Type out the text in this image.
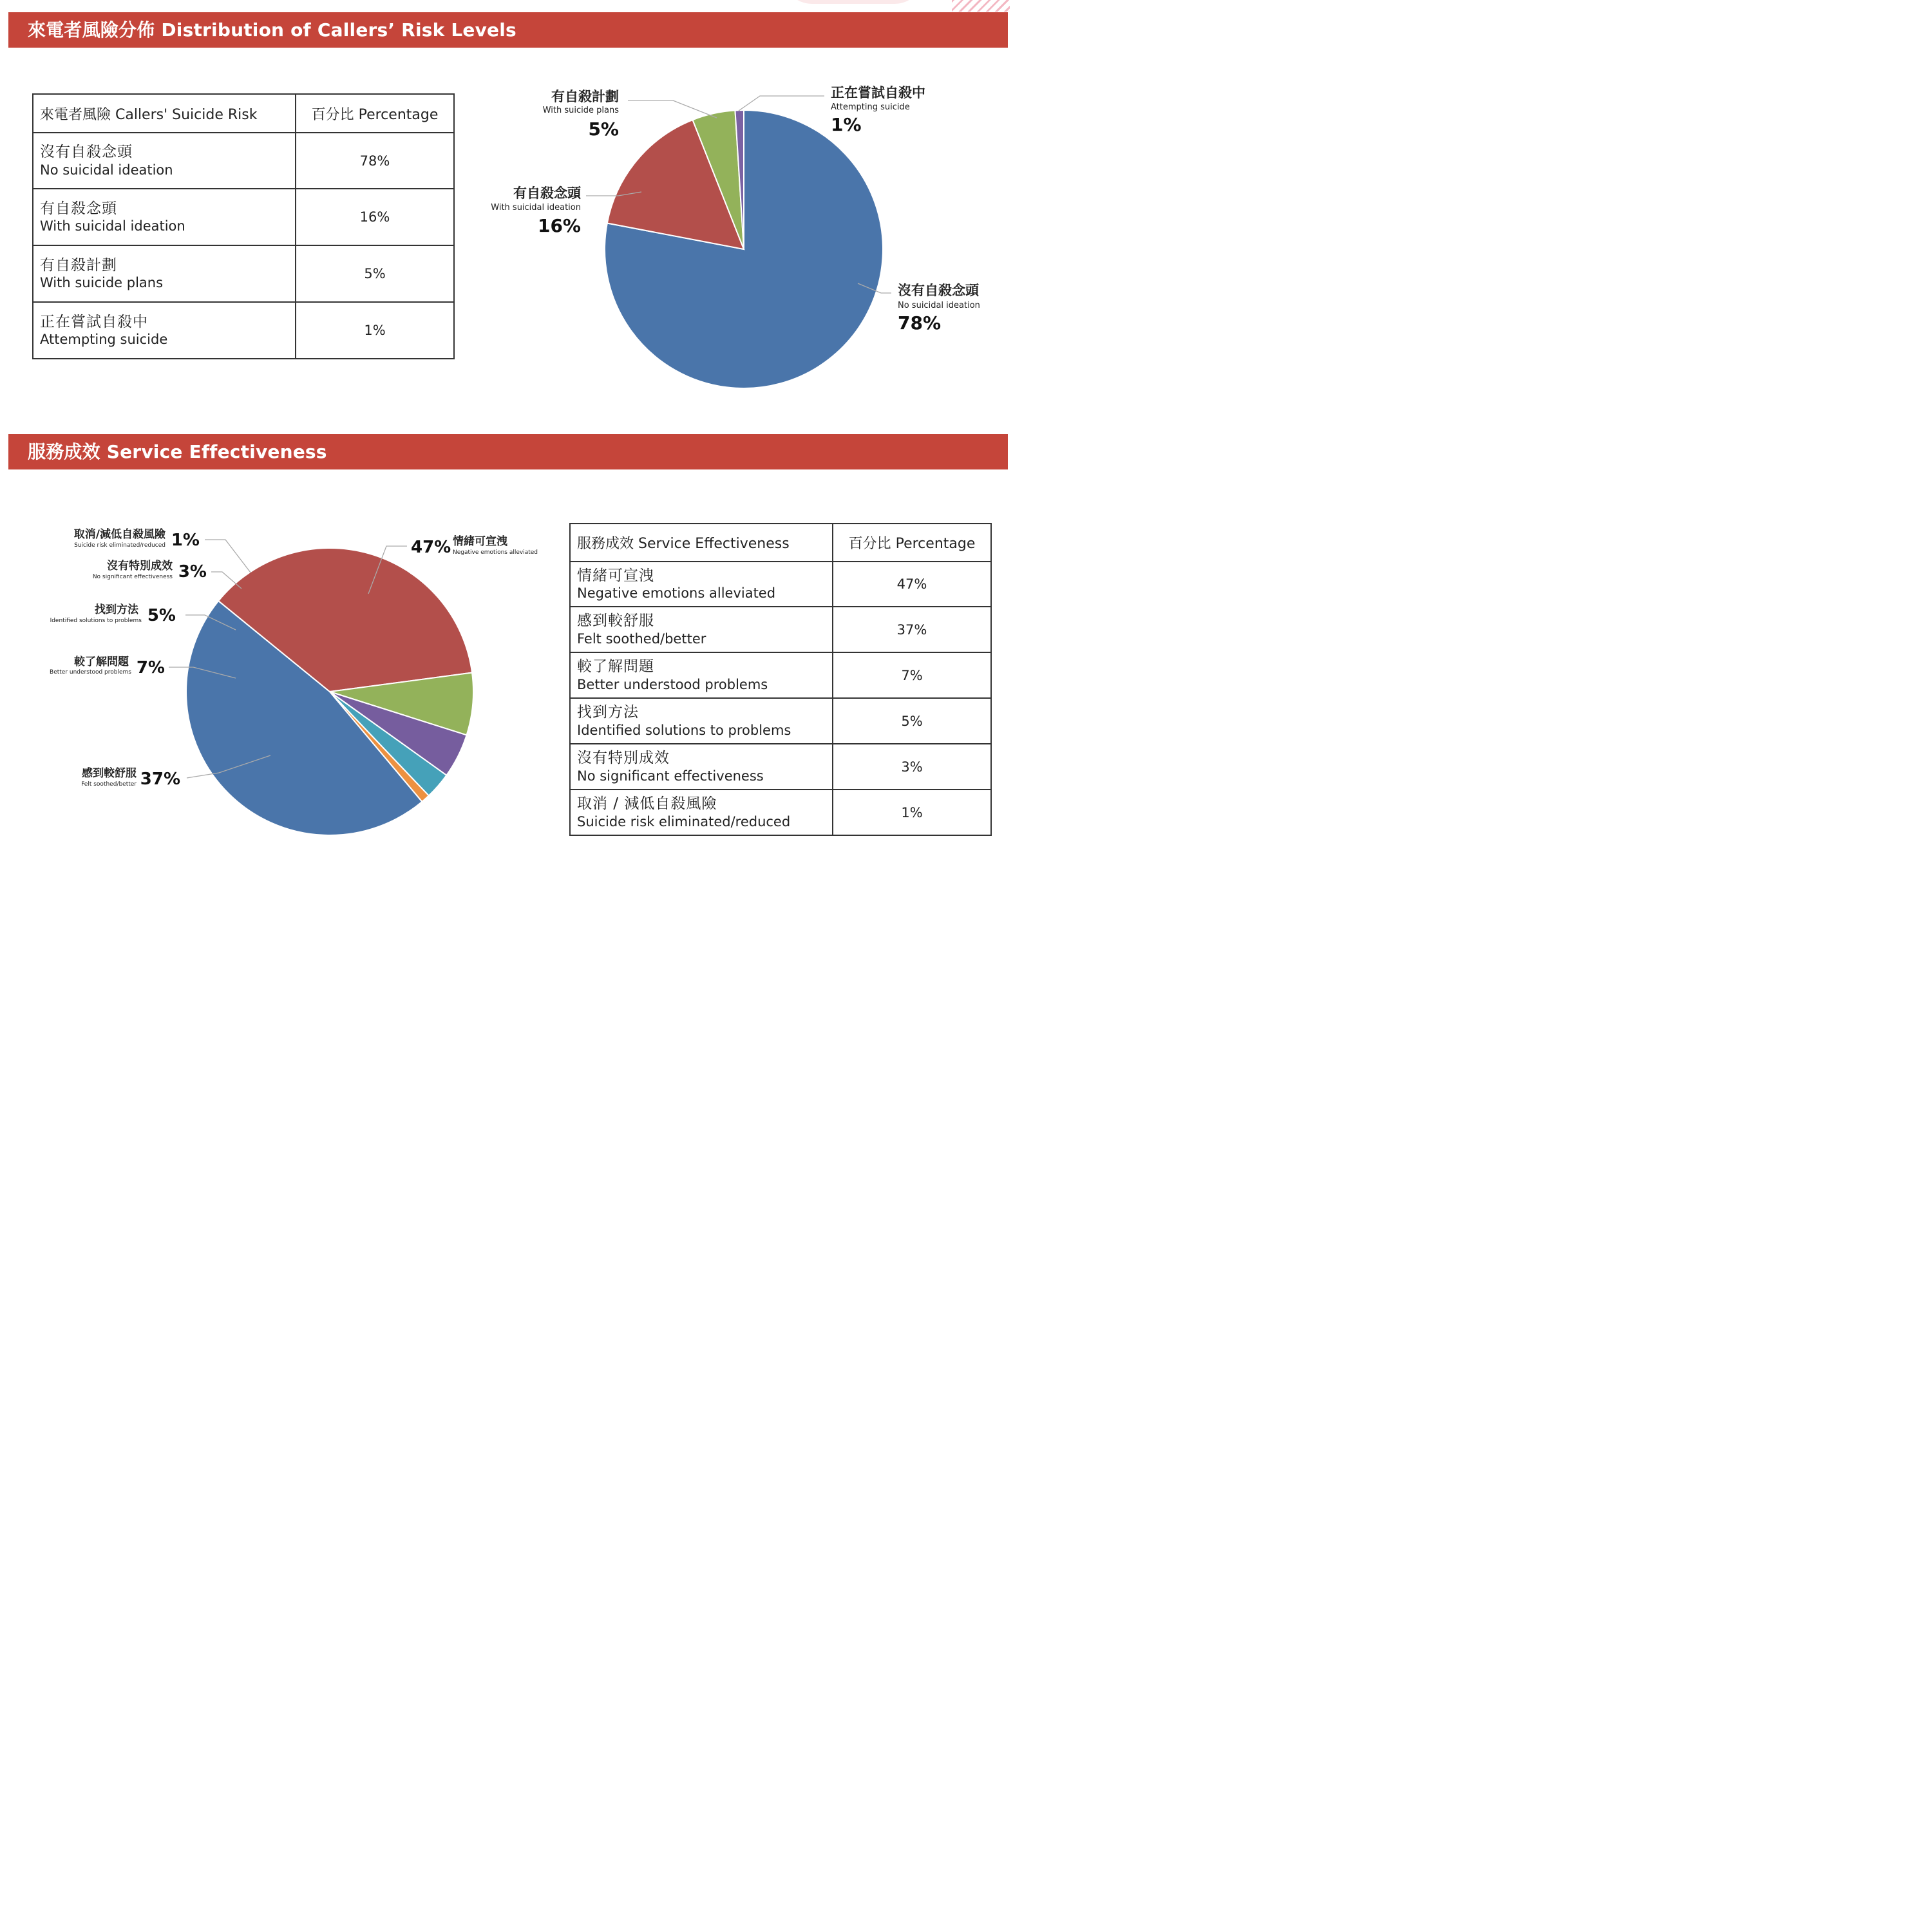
來電者風險分佈 Distribution of Callers’ Risk Levels
來電者風險 Callers' Suicide Risk	百分比 Percentage

沒有自殺念頭
No suicidal ideation	78%

有自殺念頭
With suicidal ideation	16%

有自殺計劃
With suicide plans	5%

正在嘗試自殺中
Attempting suicide	1%
服務成效 Service Effectiveness
服務成效 Service Effectiveness	百分比 Percentage

情緒可宣洩
Negative emotions alleviated	47%

感到較舒服
Felt soothed/better	37%

較了解問題
Better understood problems	7%

找到方法
Identified solutions to problems	5%

沒有特別成效
No significant effectiveness	3%

取消 / 減低自殺風險
Suicide risk eliminated/reduced	1%
沒有自殺念頭
No suicidal ideation
78%
有自殺念頭
With suicidal ideation
16%
有自殺計劃
With suicide plans
5%
正在嘗試自殺中
Attempting suicide
1%
47% 情緒可宣洩
Negative emotions alleviated
37%
感到較舒服
Felt soothed/better
7%
較了解問題
Better understood problems
5%
找到方法
Identified solutions to problems
3%
沒有特別成效
No significant effectiveness
1%
取消/減低自殺風險
Suicide risk eliminated/reduced
